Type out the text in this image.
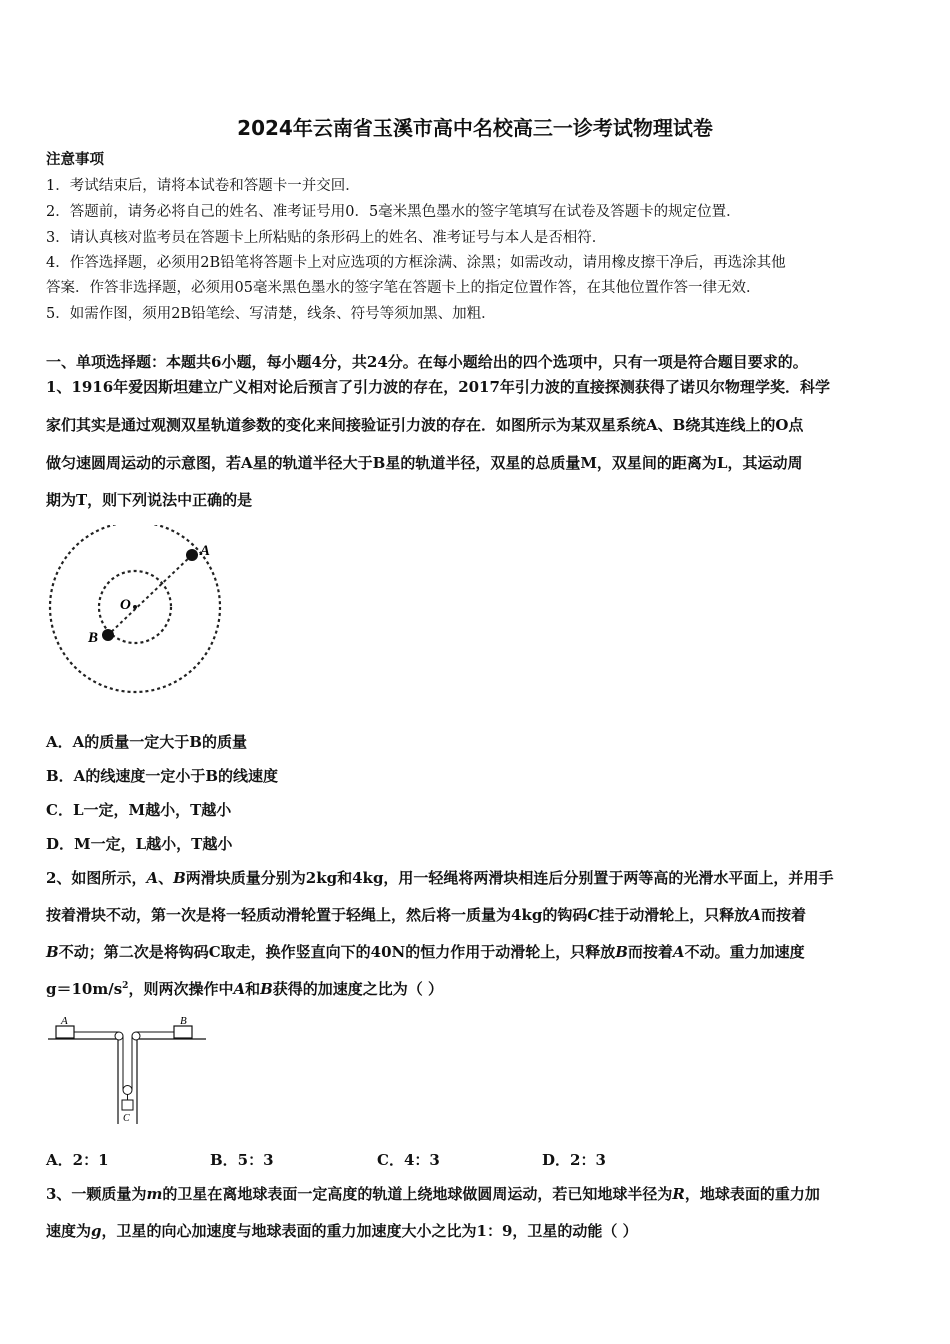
2024年云南省玉溪市高中名校高三一诊考试物理试卷
注意事项
1．考试结束后，请将本试卷和答题卡一并交回．
2．答题前，请务必将自己的姓名、准考证号用0．5毫米黑色墨水的签字笔填写在试卷及答题卡的规定位置．
3．请认真核对监考员在答题卡上所粘贴的条形码上的姓名、准考证号与本人是否相符．
4．作答选择题，必须用2B铅笔将答题卡上对应选项的方框涂满、涂黑；如需改动，请用橡皮擦干净后，再选涂其他
答案．作答非选择题，必须用05毫米黑色墨水的签字笔在答题卡上的指定位置作答，在其他位置作答一律无效．
5．如需作图，须用2B铅笔绘、写清楚，线条、符号等须加黑、加粗．
一、单项选择题：本题共6小题，每小题4分，共24分。在每小题给出的四个选项中，只有一项是符合题目要求的。
1、1916年爱因斯坦建立广义相对论后预言了引力波的存在，2017年引力波的直接探测获得了诺贝尔物理学奖．科学
家们其实是通过观测双星轨道参数的变化来间接验证引力波的存在．如图所示为某双星系统A、B绕其连线上的O点
做匀速圆周运动的示意图，若A星的轨道半径大于B星的轨道半径，双星的总质量M，双星间的距离为L，其运动周
期为T，则下列说法中正确的是
A
B
O
A．A的质量一定大于B的质量
B．A的线速度一定小于B的线速度
C．L一定，M越小，T越小
D．M一定，L越小，T越小
2、如图所示，A、B两滑块质量分别为2kg和4kg，用一轻绳将两滑块相连后分别置于两等高的光滑水平面上，并用手
按着滑块不动，第一次是将一轻质动滑轮置于轻绳上，然后将一质量为4kg的钩码C挂于动滑轮上，只释放A而按着
B不动；第二次是将钩码C取走，换作竖直向下的40N的恒力作用于动滑轮上，只释放B而按着A不动。重力加速度
$g=10m/s^2$，则两次操作中A和B获得的加速度之比为（ ）
A	B
C
A．2：1	B．5：3	C．4：3	D．2：3
3、一颗质量为m的卫星在离地球表面一定高度的轨道上绕地球做圆周运动，若已知地球半径为R，地球表面的重力加
速度为g，卫星的向心加速度与地球表面的重力加速度大小之比为1：9，卫星的动能（ ）
